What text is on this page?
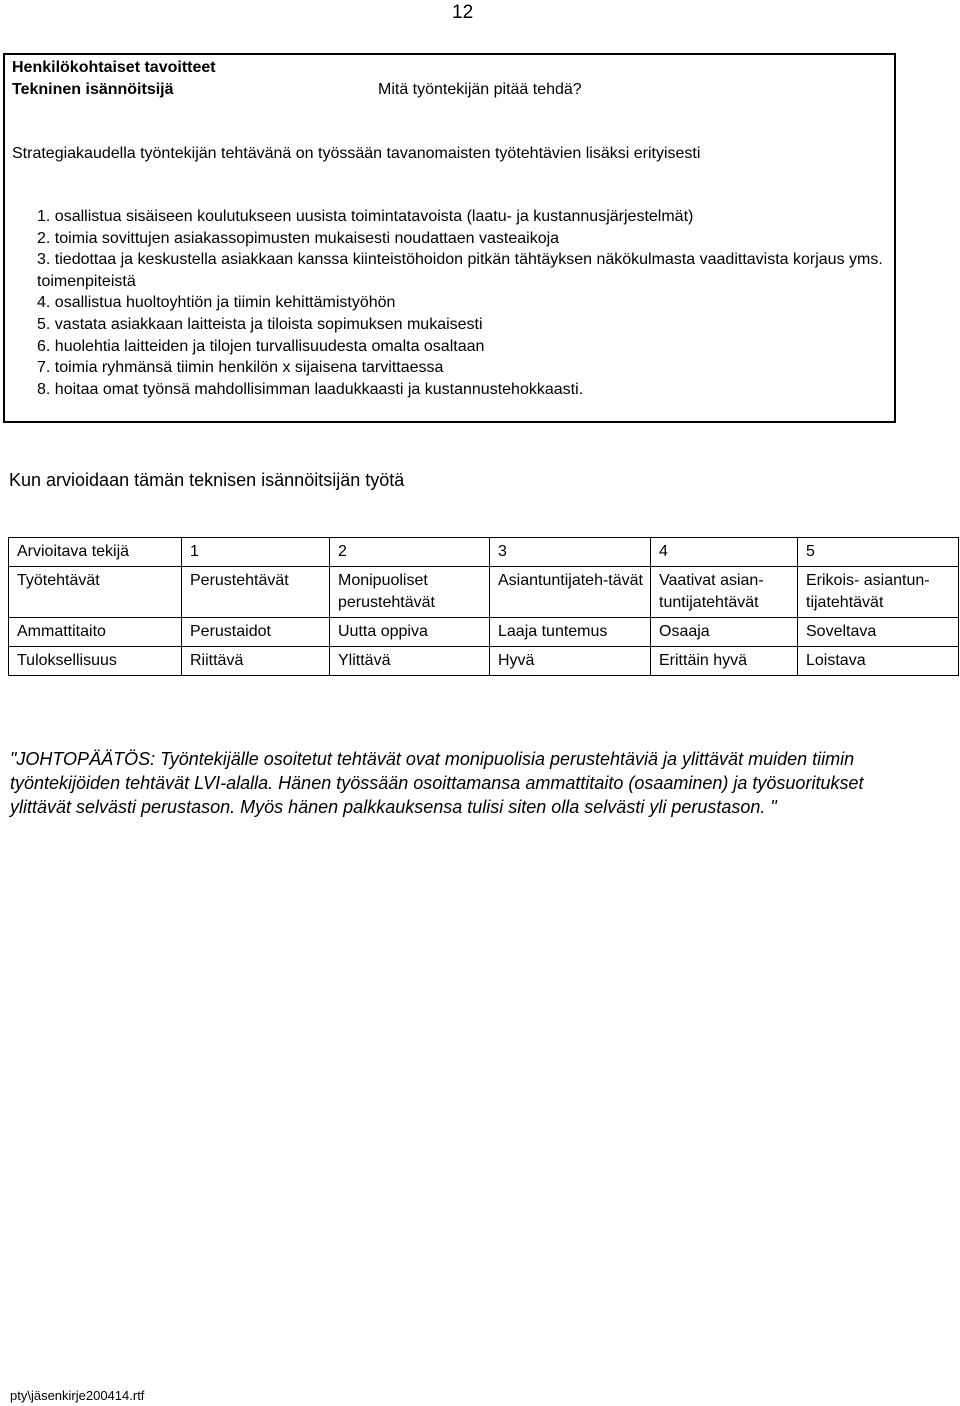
12
Henkilökohtaiset tavoitteet
Tekninen isännöitsijä	Mitä työntekijän pitää tehdä?
Strategiakaudella työntekijän tehtävänä on työssään tavanomaisten työtehtävien lisäksi erityisesti
1. osallistua sisäiseen koulutukseen uusista toimintatavoista (laatu- ja kustannusjärjestelmät)
2. toimia sovittujen asiakassopimusten mukaisesti noudattaen vasteaikoja
3. tiedottaa ja keskustella asiakkaan kanssa kiinteistöhoidon pitkän tähtäyksen näkökulmasta vaadittavista korjaus yms. toimenpiteistä
4. osallistua huoltoyhtiön ja tiimin kehittämistyöhön
5. vastata asiakkaan laitteista ja tiloista sopimuksen mukaisesti
6. huolehtia laitteiden ja tilojen turvallisuudesta omalta osaltaan
7. toimia ryhmänsä tiimin henkilön x sijaisena tarvittaessa
8. hoitaa omat työnsä mahdollisimman laadukkaasti ja kustannustehokkaasti.
Kun arvioidaan tämän teknisen isännöitsijän työtä
Arvioitava tekijä	1	2	3	4	5
Työtehtävät	Perustehtävät	Monipuoliset perustehtävät	Asiantuntijateh-tävät	Vaativat asian-tuntijatehtävät	Erikois- asiantun-tijatehtävät
Ammattitaito	Perustaidot	Uutta oppiva	Laaja tuntemus	Osaaja	Soveltava
Tuloksellisuus	Riittävä	Ylittävä	Hyvä	Erittäin hyvä	Loistava
"JOHTOPÄÄTÖS: Työntekijälle osoitetut tehtävät ovat monipuolisia perustehtäviä ja ylittävät muiden tiimin työntekijöiden tehtävät LVI-alalla. Hänen työssään osoittamansa ammattitaito (osaaminen) ja työsuoritukset ylittävät selvästi perustason. Myös hänen palkkauksensa tulisi siten olla selvästi yli perustason. "
pty\jäsenkirje200414.rtf
